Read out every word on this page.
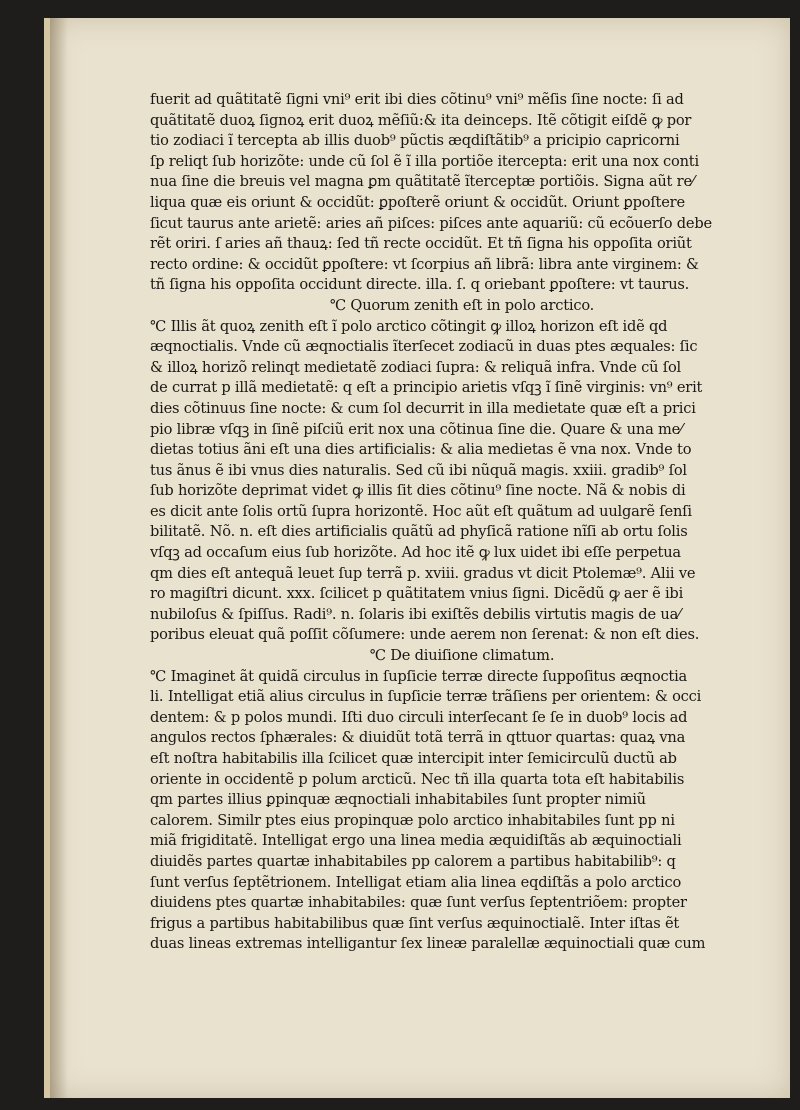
fuerit ad quãtitatẽ ſigni vni⁹ erit ibi dies cõtinu⁹ vni⁹ mẽſis ſine nocte: ſi ad
quãtitatẽ duoꝝ ſignoꝝ erit duoꝝ mẽſiũ:& ita deinceps. Itẽ cõtigit eiſdẽ ꝙ por
tio zodiaci ĩ tercepta ab illis duob⁹ pũctis æqdiſtãtib⁹ a pricipio capricorni
ſp reliqt ſub horizõte: unde cũ ſol ẽ ĩ illa portiõe itercepta: erit una nox conti
nua ſine die breuis vel magna ꝑm quãtitatẽ ĩterceptæ portiõis. Signa aũt re⁄
liqua quæ eis oriunt & occidũt: ꝑpoſterẽ oriunt & occidũt. Oriunt ꝑpoſtere
ſicut taurus ante arietẽ: aries añ piſces: piſces ante aquariũ: cũ ecõuerſo debe
rẽt oriri. ſ aries añ thauꝝ: ſed tñ recte occidũt. Et tñ ſigna his oppoſita oriũt
recto ordine: & occidũt ꝑpoſtere: vt ſcorpius añ librã: libra ante virginem: &
tñ ſigna his oppoſita occidunt directe. illa. ſ. q oriebant ꝑpoſtere: vt taurus.
℃ Quorum zenith eſt in polo arctico.
℃ Illis ãt quoꝝ zenith eſt ĩ polo arctico cõtingit ꝙ illoꝝ horizon eſt idẽ qd
æqnoctialis. Vnde cũ æqnoctialis ĩterſecet zodiacũ in duas ptes æquales: ſic
& illoꝝ horizõ relinqt medietatẽ zodiaci ſupra: & reliquã infra. Vnde cũ ſol
de currat p illã medietatẽ: q eſt a principio arietis vſqꝫ ĩ ſinẽ virginis: vn⁹ erit
dies cõtinuus ſine nocte: & cum ſol decurrit in illa medietate quæ eſt a prici
pio libræ vſqꝫ in ſinẽ piſciũ erit nox una cõtinua ſine die. Quare & una me⁄
dietas totius ãni eſt una dies artificialis: & alia medietas ẽ vna nox. Vnde to
tus ãnus ẽ ibi vnus dies naturalis. Sed cũ ibi nũquã magis. xxiii. gradib⁹ ſol
ſub horizõte deprimat videt ꝙ illis ſit dies cõtinu⁹ ſine nocte. Nã & nobis di
es dicit ante ſolis ortũ ſupra horizontẽ. Hoc aũt eſt quãtum ad uulgarẽ ſenſi
bilitatẽ. Nõ. n. eſt dies artificialis quãtũ ad phyſicã ratione nĩſi ab ortu ſolis
vſqꝫ ad occaſum eius ſub horizõte. Ad hoc itẽ ꝙ lux uidet ibi eſſe perpetua
qm dies eſt antequã leuet ſup terrã p. xviii. gradus vt dicit Ptolemæ⁹. Alii ve
ro magiſtri dicunt. xxx. ſcilicet p quãtitatem vnius ſigni. Dicẽdũ ꝙ aer ẽ ibi
nubiloſus & ſpiſſus. Radi⁹. n. ſolaris ibi exiſtẽs debilis virtutis magis de ua⁄
poribus eleuat quã poſſit cõſumere: unde aerem non ſerenat: & non eſt dies.
℃ De diuiſione climatum.
℃ Imaginet ãt quidã circulus in ſupſicie terræ directe ſuppoſitus æqnoctia
li. Intelligat etiã alius circulus in ſupſicie terræ trãſiens per orientem: & occi
dentem: & p polos mundi. Iſti duo circuli interſecant ſe ſe in duob⁹ locis ad
angulos rectos ſphærales: & diuidũt totã terrã in qttuor quartas: quaꝝ vna
eſt noſtra habitabilis illa ſcilicet quæ intercipit inter ſemicirculũ ductũ ab
oriente in occidentẽ p polum arcticũ. Nec tñ illa quarta tota eſt habitabilis
qm partes illius ꝑpinquæ æqnoctiali inhabitabiles ſunt propter nimiũ
calorem. Similr ptes eius propinquæ polo arctico inhabitabiles ſunt pp ni
miã frigiditatẽ. Intelligat ergo una linea media æquidiſtãs ab æquinoctiali
diuidẽs partes quartæ inhabitabiles pp calorem a partibus habitabilib⁹: q
ſunt verſus ſeptẽtrionem. Intelligat etiam alia linea eqdiſtãs a polo arctico
diuidens ptes quartæ inhabitabiles: quæ ſunt verſus ſeptentriõem: propter
frigus a partibus habitabilibus quæ ſint verſus æquinoctialẽ. Inter iſtas ẽt
duas lineas extremas intelligantur ſex lineæ paralellæ æquinoctiali quæ cum
